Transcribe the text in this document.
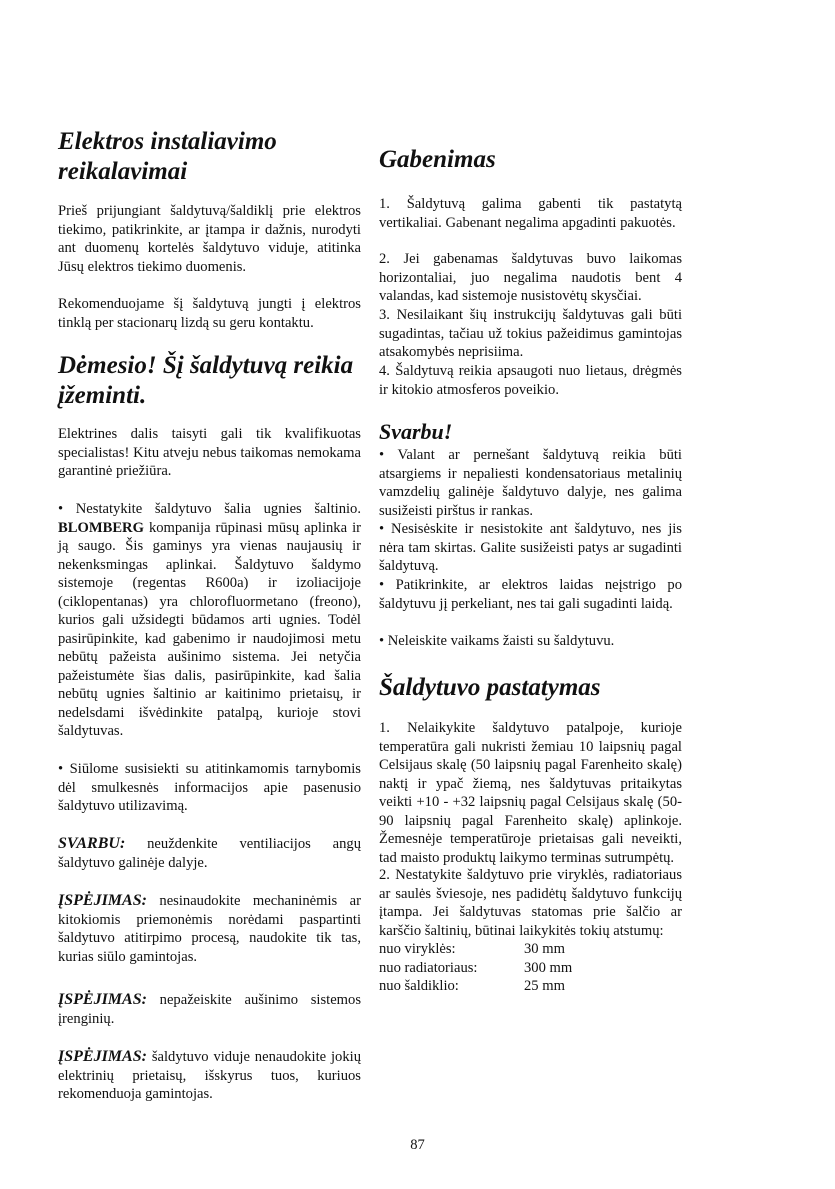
Elektros instaliavimo reikalavimai

Prieš prijungiant šaldytuvą/šaldiklį prie elektros tiekimo, patikrinkite, ar įtampa ir dažnis, nurodyti ant duomenų kortelės šaldytuvo viduje, atitinka Jūsų elektros tiekimo duomenis.

Rekomenduojame šį šaldytuvą jungti į elektros tinklą per stacionarų lizdą su geru kontaktu.

Dėmesio! Šį šaldytuvą reikia įžeminti.

Elektrines dalis taisyti gali tik kvalifikuotas specialistas! Kitu atveju nebus taikomas nemokama garantinė priežiūra.

• Nestatykite šaldytuvo šalia ugnies šaltinio. BLOMBERG kompanija rūpinasi mūsų aplinka ir ją saugo. Šis gaminys yra vienas naujausių ir nekenksmingas aplinkai. Šaldytuvo šaldymo sistemoje (regentas R600a) ir izoliacijoje (ciklopentanas) yra chlorofluormetano (freono), kurios gali užsidegti būdamos arti ugnies. Todėl pasirūpinkite, kad gabenimo ir naudojimosi metu nebūtų pažeista aušinimo sistema. Jei netyčia pažeistumėte šias dalis, pasirūpinkite, kad šalia nebūtų ugnies šaltinio ar kaitinimo prietaisų, ir nedelsdami išvėdinkite patalpą, kurioje stovi šaldytuvas.

• Siūlome susisiekti su atitinkamomis tarnybomis dėl smulkesnės informacijos apie pasenusio šaldytuvo utilizavimą.

SVARBU: neuždenkite ventiliacijos angų šaldytuvo galinėje dalyje.

ĮSPĖJIMAS: nesinaudokite mechaninėmis ar kitokiomis priemonėmis norėdami paspartinti šaldytuvo atitirpimo procesą, naudokite tik tas, kurias siūlo gamintojas.

ĮSPĖJIMAS: nepažeiskite aušinimo sistemos įrenginių.

ĮSPĖJIMAS: šaldytuvo viduje nenaudokite jokių elektrinių prietaisų, išskyrus tuos, kuriuos rekomenduoja gamintojas.

Gabenimas

1. Šaldytuvą galima gabenti tik pastatytą vertikaliai. Gabenant negalima apgadinti pakuotės.

2. Jei gabenamas šaldytuvas buvo laikomas horizontaliai, juo negalima naudotis bent 4 valandas, kad sistemoje nusistovėtų skysčiai.

3. Nesilaikant šių instrukcijų šaldytuvas gali būti sugadintas, tačiau už tokius pažeidimus gamintojas atsakomybės neprisiima.

4. Šaldytuvą reikia apsaugoti nuo lietaus, drėgmės ir kitokio atmosferos poveikio.

Svarbu!

• Valant ar pernešant šaldytuvą reikia būti atsargiems ir nepaliesti kondensatoriaus metalinių vamzdelių galinėje šaldytuvo dalyje, nes galima susižeisti pirštus ir rankas.

• Nesisėskite ir nesistokite ant šaldytuvo, nes jis nėra tam skirtas. Galite susižeisti patys ar sugadinti šaldytuvą.

• Patikrinkite, ar elektros laidas neįstrigo po šaldytuvu jį perkeliant, nes tai gali sugadinti laidą.

• Neleiskite vaikams žaisti su šaldytuvu.

Šaldytuvo pastatymas

1. Nelaikykite šaldytuvo patalpoje, kurioje temperatūra gali nukristi žemiau 10 laipsnių pagal Celsijaus skalę (50 laipsnių pagal Farenheito skalę) naktį ir ypač žiemą, nes šaldytuvas pritaikytas veikti +10 - +32 laipsnių pagal Celsijaus skalę (50-90 laipsnių pagal Farenheito skalę) aplinkoje. Žemesnėje temperatūroje prietaisas gali neveikti, tad maisto produktų laikymo terminas sutrumpėtų.

2. Nestatykite šaldytuvo prie viryklės, radiatoriaus ar saulės šviesoje, nes padidėtų šaldytuvo funkcijų įtampa. Jei šaldytuvas statomas prie šalčio ar karščio šaltinių, būtinai laikykitės tokių atstumų:

nuo viryklės:	30 mm
nuo radiatoriaus:	300 mm
nuo šaldiklio:	25 mm
87
